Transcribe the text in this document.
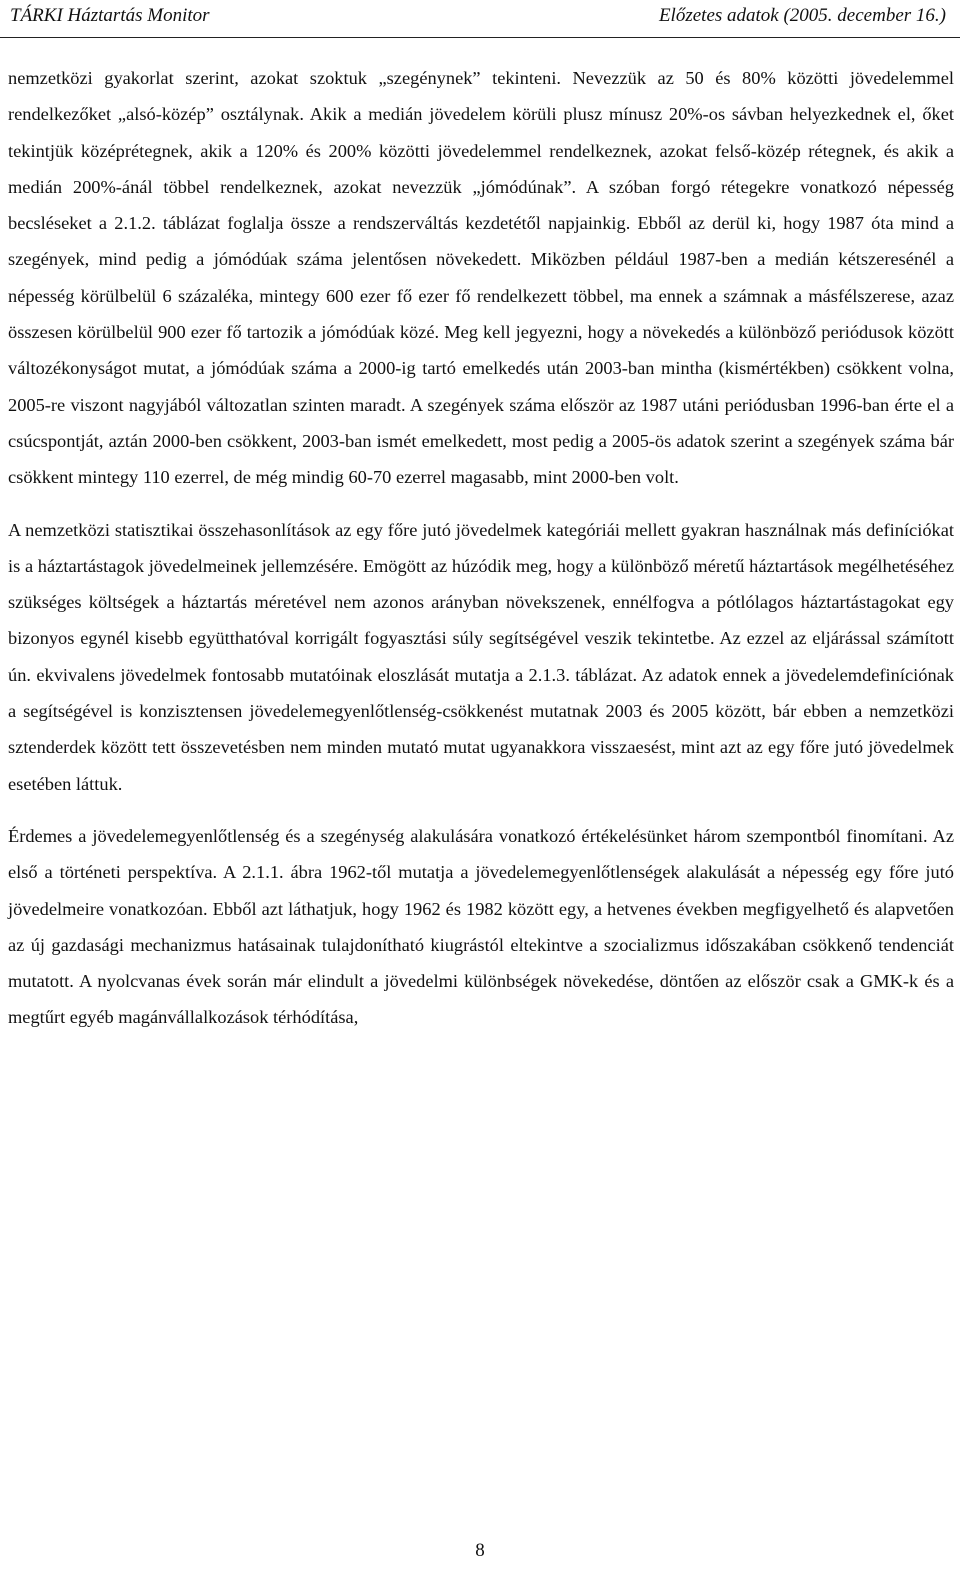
TÁRKI Háztartás Monitor	Előzetes adatok (2005. december 16.)

nemzetközi gyakorlat szerint, azokat szoktuk „szegénynek” tekinteni. Nevezzük az 50 és 80% közötti jövedelemmel rendelkezőket „alsó-közép” osztálynak. Akik a medián jövedelem körüli plusz mínusz 20%-os sávban helyezkednek el, őket tekintjük középrétegnek, akik a 120% és 200% közötti jövedelemmel rendelkeznek, azokat felső-közép rétegnek, és akik a medián 200%-ánál többel rendelkeznek, azokat nevezzük „jómódúnak”. A szóban forgó rétegekre vonatkozó népesség becsléseket a 2.1.2. táblázat foglalja össze a rendszerváltás kezdetétől napjainkig. Ebből az derül ki, hogy 1987 óta mind a szegények, mind pedig a jómódúak száma jelentősen növekedett. Miközben például 1987-ben a medián kétszeresénél a népesség körülbelül 6 százaléka, mintegy 600 ezer fő ezer fő rendelkezett többel, ma ennek a számnak a másfélszerese, azaz összesen körülbelül 900 ezer fő tartozik a jómódúak közé. Meg kell jegyezni, hogy a növekedés a különböző periódusok között változékonyságot mutat, a jómódúak száma a 2000-ig tartó emelkedés után 2003-ban mintha (kismértékben) csökkent volna, 2005-re viszont nagyjából változatlan szinten maradt. A szegények száma először az 1987 utáni periódusban 1996-ban érte el a csúcspontját, aztán 2000-ben csökkent, 2003-ban ismét emelkedett, most pedig a 2005-ös adatok szerint a szegények száma bár csökkent mintegy 110 ezerrel, de még mindig 60-70 ezerrel magasabb, mint 2000-ben volt.

A nemzetközi statisztikai összehasonlítások az egy főre jutó jövedelmek kategóriái mellett gyakran használnak más definíciókat is a háztartástagok jövedelmeinek jellemzésére. Emögött az húzódik meg, hogy a különböző méretű háztartások megélhetéséhez szükséges költségek a háztartás méretével nem azonos arányban növekszenek, ennélfogva a pótlólagos háztartástagokat egy bizonyos egynél kisebb együtthatóval korrigált fogyasztási súly segítségével veszik tekintetbe. Az ezzel az eljárással számított ún. ekvivalens jövedelmek fontosabb mutatóinak eloszlását mutatja a 2.1.3. táblázat. Az adatok ennek a jövedelemdefiníciónak a segítségével is konzisztensen jövedelemegyenlőtlenség-csökkenést mutatnak 2003 és 2005 között, bár ebben a nemzetközi sztenderdek között tett összevetésben nem minden mutató mutat ugyanakkora visszaesést, mint azt az egy főre jutó jövedelmek esetében láttuk.

Érdemes a jövedelemegyenlőtlenség és a szegénység alakulására vonatkozó értékelésünket három szempontból finomítani. Az első a történeti perspektíva. A 2.1.1. ábra 1962-től mutatja a jövedelemegyenlőtlenségek alakulását a népesség egy főre jutó jövedelmeire vonatkozóan. Ebből azt láthatjuk, hogy 1962 és 1982 között egy, a hetvenes években megfigyelhető és alapvetően az új gazdasági mechanizmus hatásainak tulajdonítható kiugrástól eltekintve a szocializmus időszakában csökkenő tendenciát mutatott. A nyolcvanas évek során már elindult a jövedelmi különbségek növekedése, döntően az először csak a GMK-k és a megtűrt egyéb magánvállalkozások térhódítása,

8
